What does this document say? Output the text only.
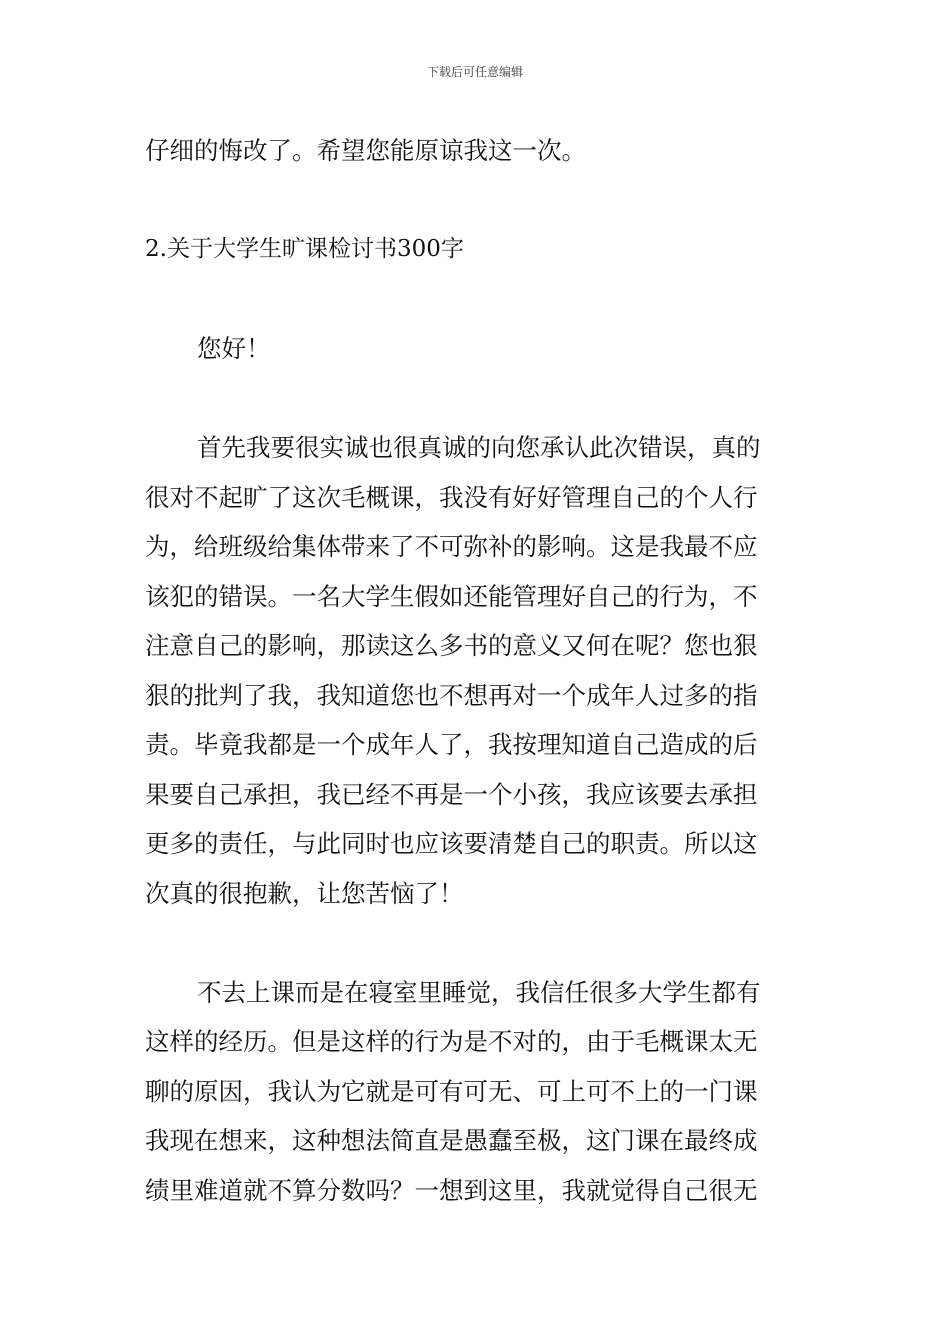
下载后可任意编辑
仔细的悔改了。希望您能原谅我这一次。
2.关于大学生旷课检讨书300字
您好！
首先我要很实诚也很真诚的向您承认此次错误，真的
很对不起旷了这次毛概课，我没有好好管理自己的个人行
为，给班级给集体带来了不可弥补的影响。这是我最不应
该犯的错误。一名大学生假如还能管理好自己的行为，不
注意自己的影响，那读这么多书的意义又何在呢？您也狠
狠的批判了我，我知道您也不想再对一个成年人过多的指
责。毕竟我都是一个成年人了，我按理知道自己造成的后
果要自己承担，我已经不再是一个小孩，我应该要去承担
更多的责任，与此同时也应该要清楚自己的职责。所以这
次真的很抱歉，让您苦恼了！
不去上课而是在寝室里睡觉，我信任很多大学生都有
这样的经历。但是这样的行为是不对的，由于毛概课太无
聊的原因，我认为它就是可有可无、可上可不上的一门课
我现在想来，这种想法简直是愚蠢至极，这门课在最终成
绩里难道就不算分数吗？一想到这里，我就觉得自己很无
